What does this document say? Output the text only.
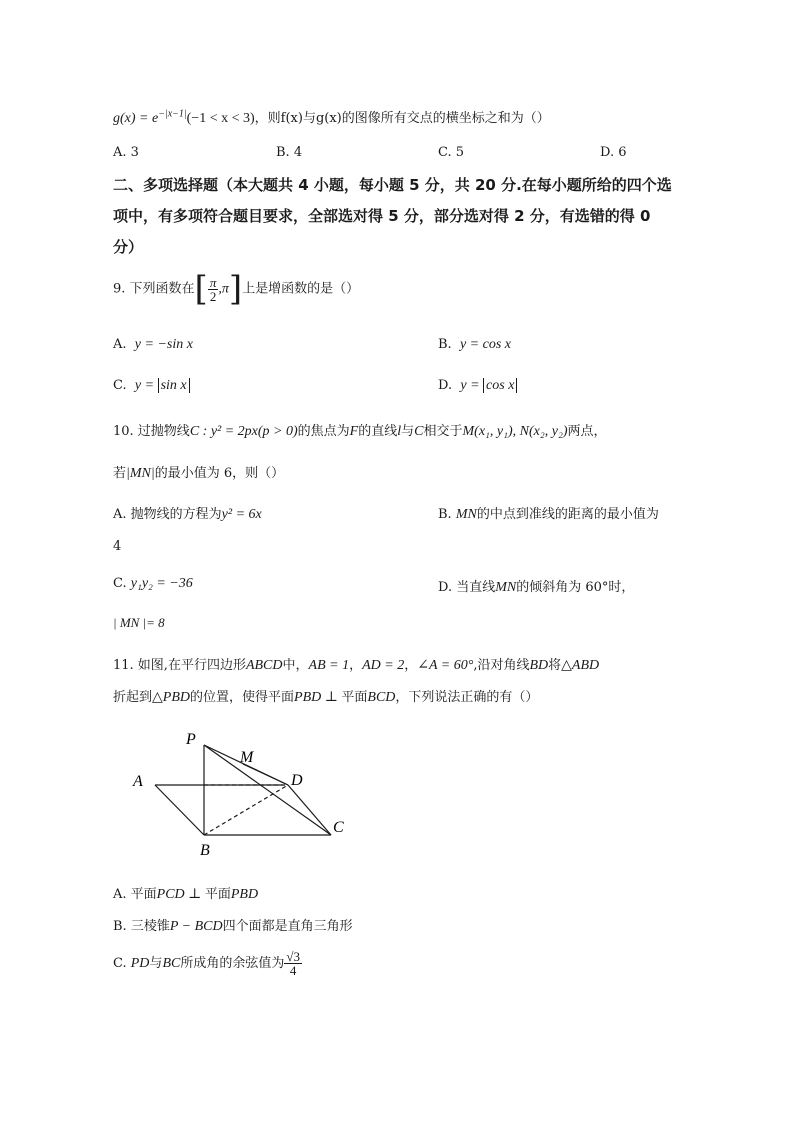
$g(x) = e^{-|x-1|}(-1 < x < 3)$，则f(x)与g(x)的图像所有交点的横坐标之和为（）
A. 3	B. 4	C. 5	D. 6
二、多项选择题（本大题共 4 小题，每小题 5 分，共 20 分.在每小题所给的四个选
项中，有多项符合题目要求，全部选对得 5 分，部分选对得 2 分，有选错的得 0
分）
9. 下列函数在[ $\frac{\pi}{2} ,\pi$]上是增函数的是（）
A. y = −sin x	B. y = cos x
C. y = sin x	D. y = cos x
10. 过抛物线C : y² = 2px(p > 0)的焦点为F的直线l与C相交于M(x₁, y₁), N(x₂, y₂)两点，
若|MN|的最小值为 6，则（）
A. 抛物线的方程为y² = 6x	B. MN的中点到准线的距离的最小值为
4
C. y₁y₂ = −36	D. 当直线MN的倾斜角为 60°时，
| MN |= 8
11. 如图,在平行四边形ABCD中，AB = 1，AD = 2，∠A = 60°,沿对角线BD将△ABD
折起到△PBD的位置，使得平面PBD ⊥ 平面BCD，下列说法正确的有（）
P
M
A	D
C
B
A. 平面PCD ⊥ 平面PBD
B. 三棱锥P − BCD四个面都是直角三角形
C. PD与BC所成角的余弦值为 $\frac{√3}{4}$
